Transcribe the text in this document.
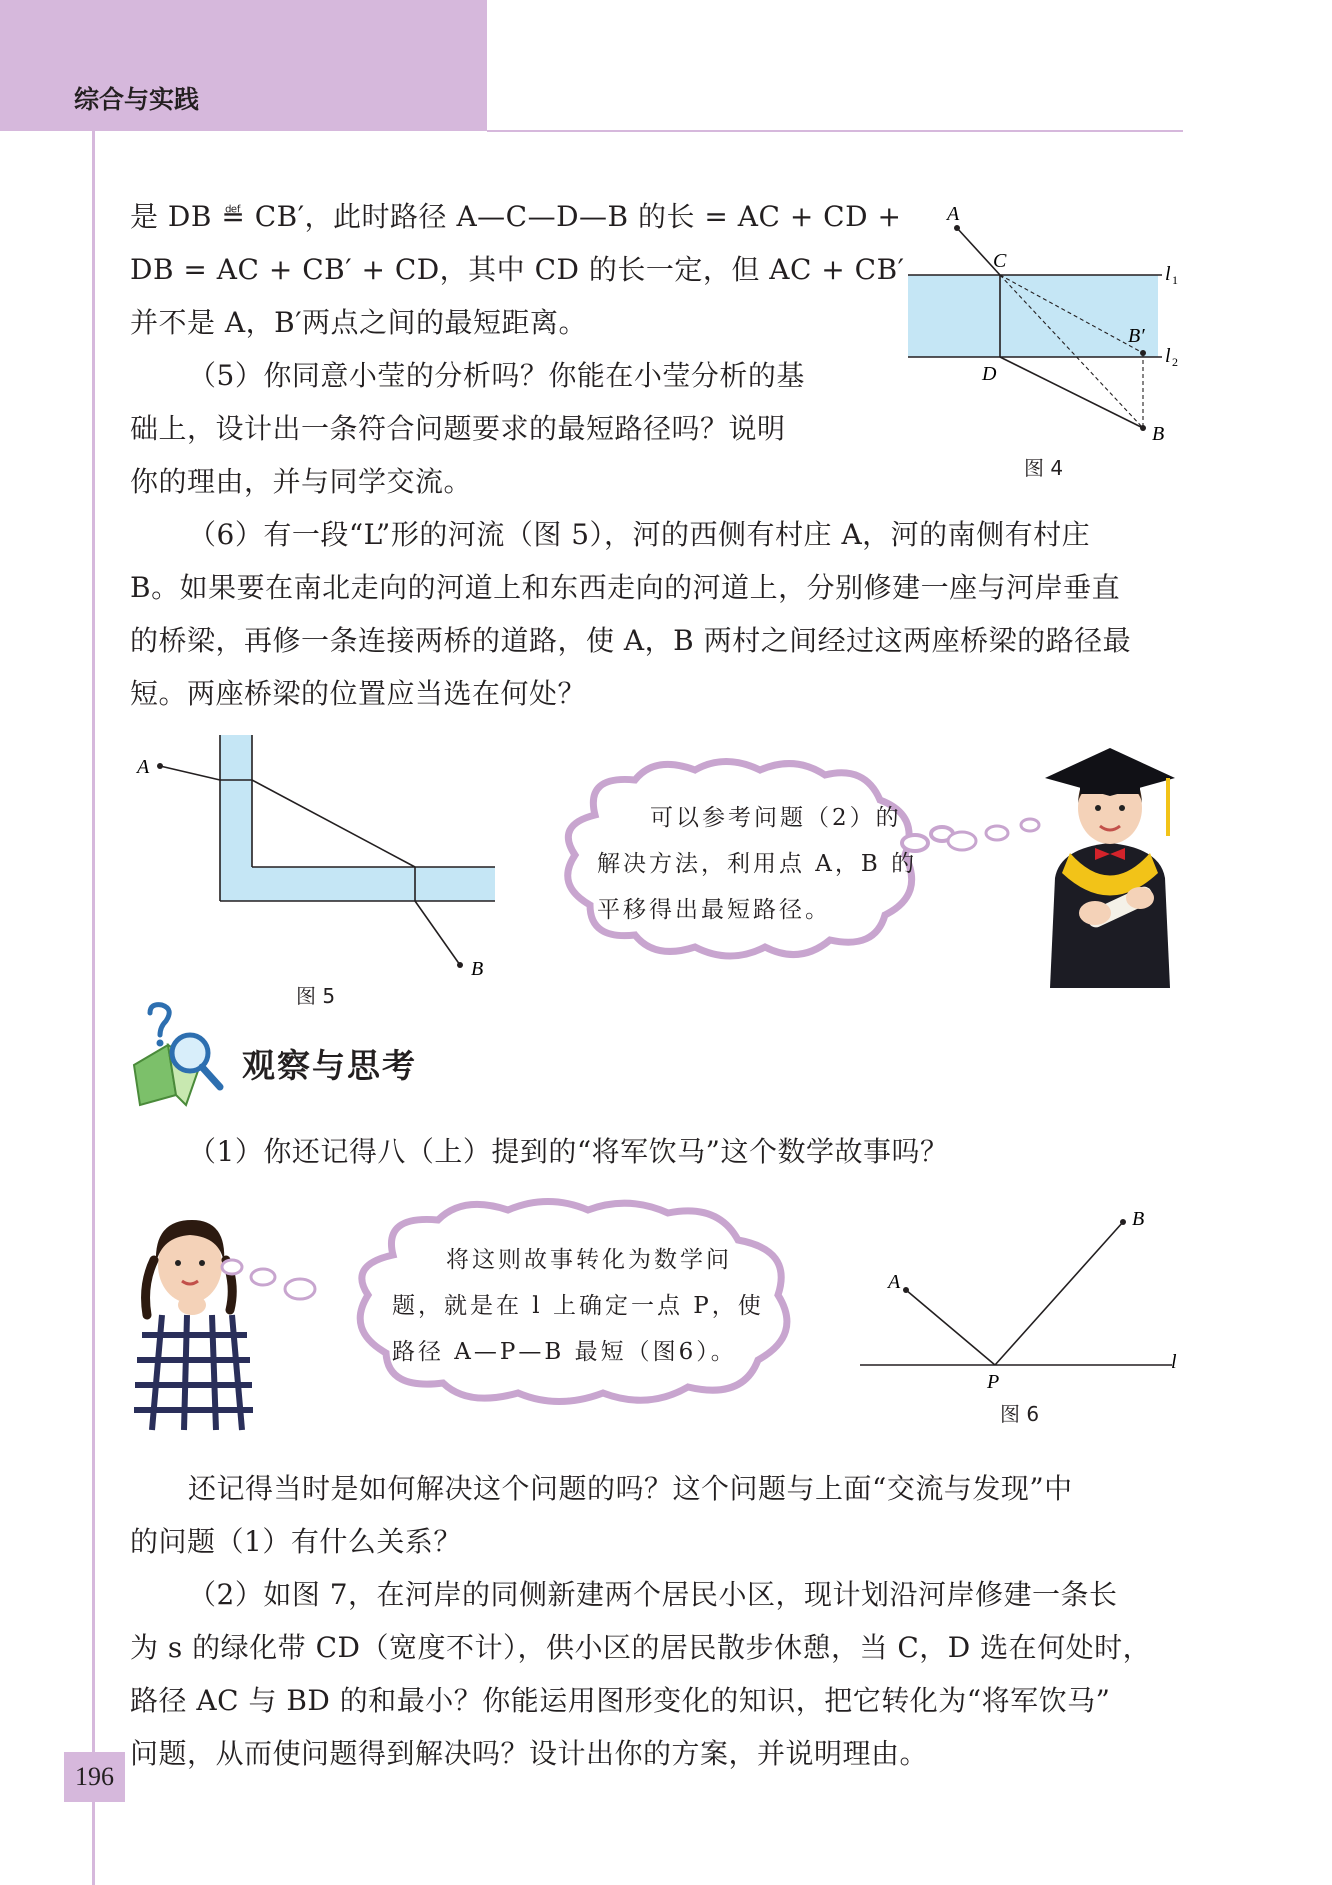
综合与实践

是 DB ≝ CB′，此时路径 A—C—D—B 的长 = AC + CD +

DB = AC + CB′ + CD，其中 CD 的长一定，但 AC + CB′

并不是 A，B′两点之间的最短距离。

（5）你同意小莹的分析吗？你能在小莹分析的基

础上，设计出一条符合问题要求的最短路径吗？说明

你的理由，并与同学交流。

A
C
D
B′
B
l 1
l 2
图 4

（6）有一段“L”形的河流（图 5），河的西侧有村庄 A，河的南侧有村庄

B。如果要在南北走向的河道上和东西走向的河道上，分别修建一座与河岸垂直

的桥梁，再修一条连接两桥的道路，使 A，B 两村之间经过这两座桥梁的路径最

短。两座桥梁的位置应当选在何处？

A
B
图 5
可以参考问题（2）的
解决方法，利用点 A，B 的
平移得出最短路径。
观察与思考

（1）你还记得八（上）提到的“将军饮马”这个数学故事吗？

将这则故事转化为数学问
题，就是在 l 上确定一点 P，使
路径 A—P—B 最短（图6）。
A
B
P
l
图 6

还记得当时是如何解决这个问题的吗？这个问题与上面“交流与发现”中

的问题（1）有什么关系？

（2）如图 7，在河岸的同侧新建两个居民小区，现计划沿河岸修建一条长

为 s 的绿化带 CD（宽度不计），供小区的居民散步休憩，当 C，D 选在何处时，

路径 AC 与 BD 的和最小？你能运用图形变化的知识，把它转化为“将军饮马”

问题，从而使问题得到解决吗？设计出你的方案，并说明理由。

196
